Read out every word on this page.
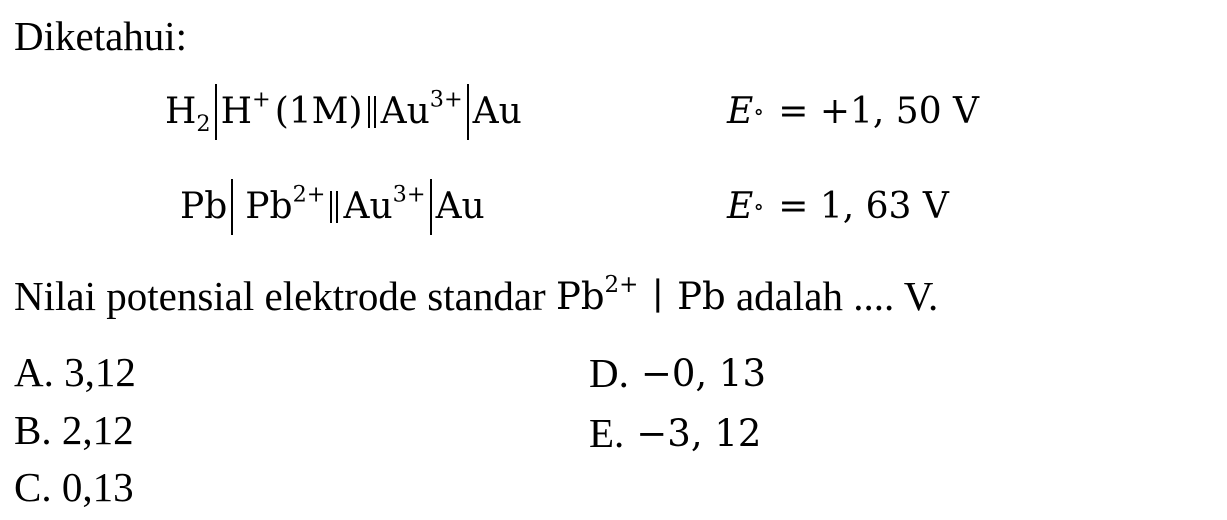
Diketahui:
$H_2$ H+ (1M) $Au^{3+}$ Au	E ∘ = +1, 50 V
Pb $Pb^{2+}$ $Au^{3+}$ Au	E ∘ = 1, 63 V
Nilai potensial elektrode standar $Pb^{2+}$ ∣ Pb adalah .... V.
A. 3,12
B. 2,12
C. 0,13
D. −0, 13
E. −3, 12
